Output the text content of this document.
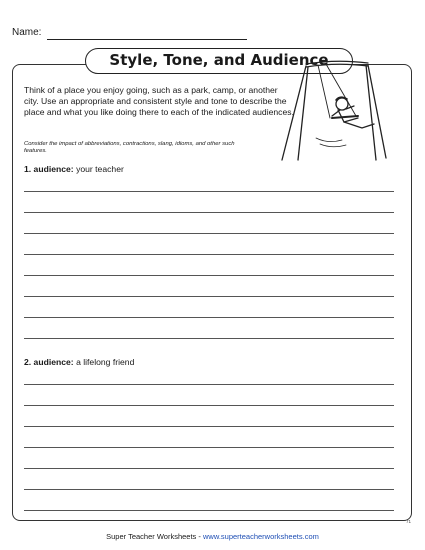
Name:
Style, Tone, and Audience
Think of a place you enjoy going, such as a park, camp, or another city. Use an appropriate and consistent style and tone to describe the place and what you like doing there to each of the indicated audiences.
Consider the impact of abbreviations, contractions, slang, idioms, and other such features.
1. audience: your teacher
2. audience: a lifelong friend
71
Super Teacher Worksheets - www.superteacherworksheets.com
